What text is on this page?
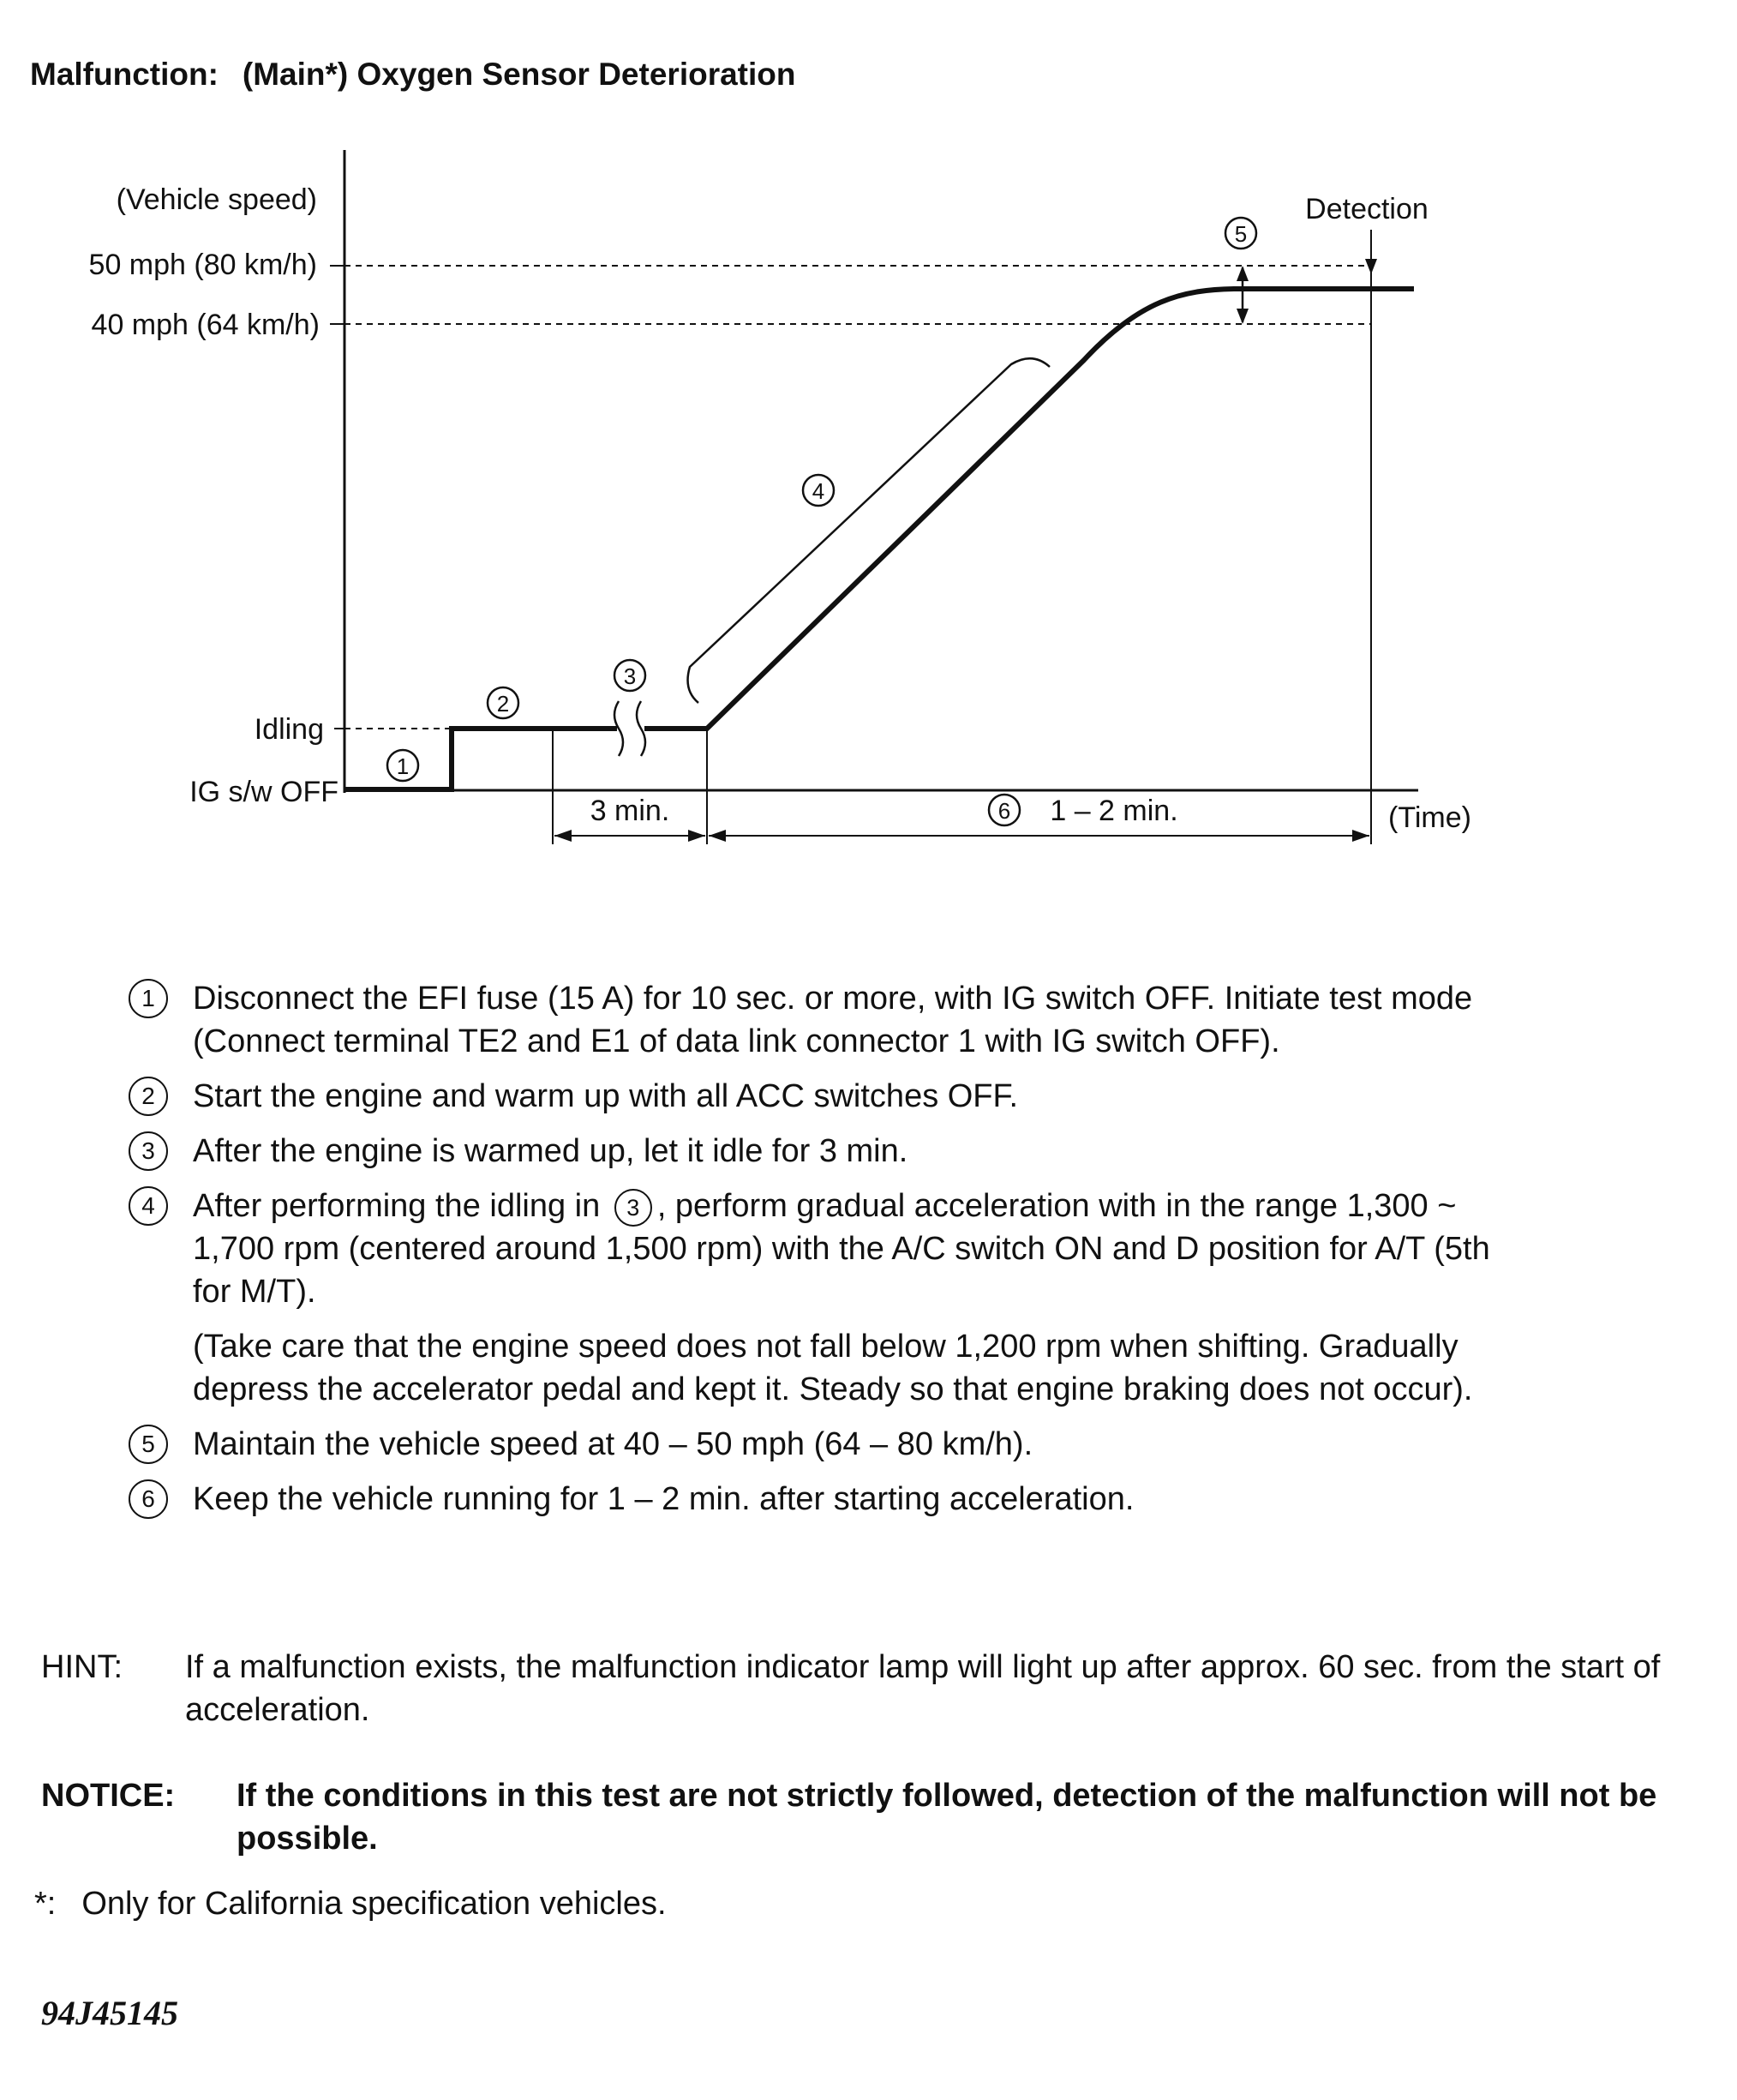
Malfunction: (Main*) Oxygen Sensor Deterioration
(Vehicle speed)
50 mph (80 km/h)
40 mph (64 km/h)
Idling
IG s/w OFF
Detection
3 min.	1 – 2 min.	(Time)
1
2
3
4
5
6
1	Disconnect the EFI fuse (15 A) for 10 sec. or more, with IG switch OFF. Initiate test mode (Connect terminal TE2 and E1 of data link connector 1 with IG switch OFF).
2	Start the engine and warm up with all ACC switches OFF.
3	After the engine is warmed up, let it idle for 3 min.
4	After performing the idling in 3 , perform gradual acceleration with in the range 1,300 ~ 1,700 rpm (centered around 1,500 rpm) with the A/C switch ON and D position for A/T (5th for M/T).
(Take care that the engine speed does not fall below 1,200 rpm when shifting. Gradually depress the accelerator pedal and kept it. Steady so that engine braking does not occur).
5	Maintain the vehicle speed at 40 – 50 mph (64 – 80 km/h).
6	Keep the vehicle running for 1 – 2 min. after starting acceleration.
HINT: If a malfunction exists, the malfunction indicator lamp will light up after approx. 60 sec. from the start of acceleration.
NOTICE: If the conditions in this test are not strictly followed, detection of the malfunction will not be possible.
*: Only for California specification vehicles.
94J45145
